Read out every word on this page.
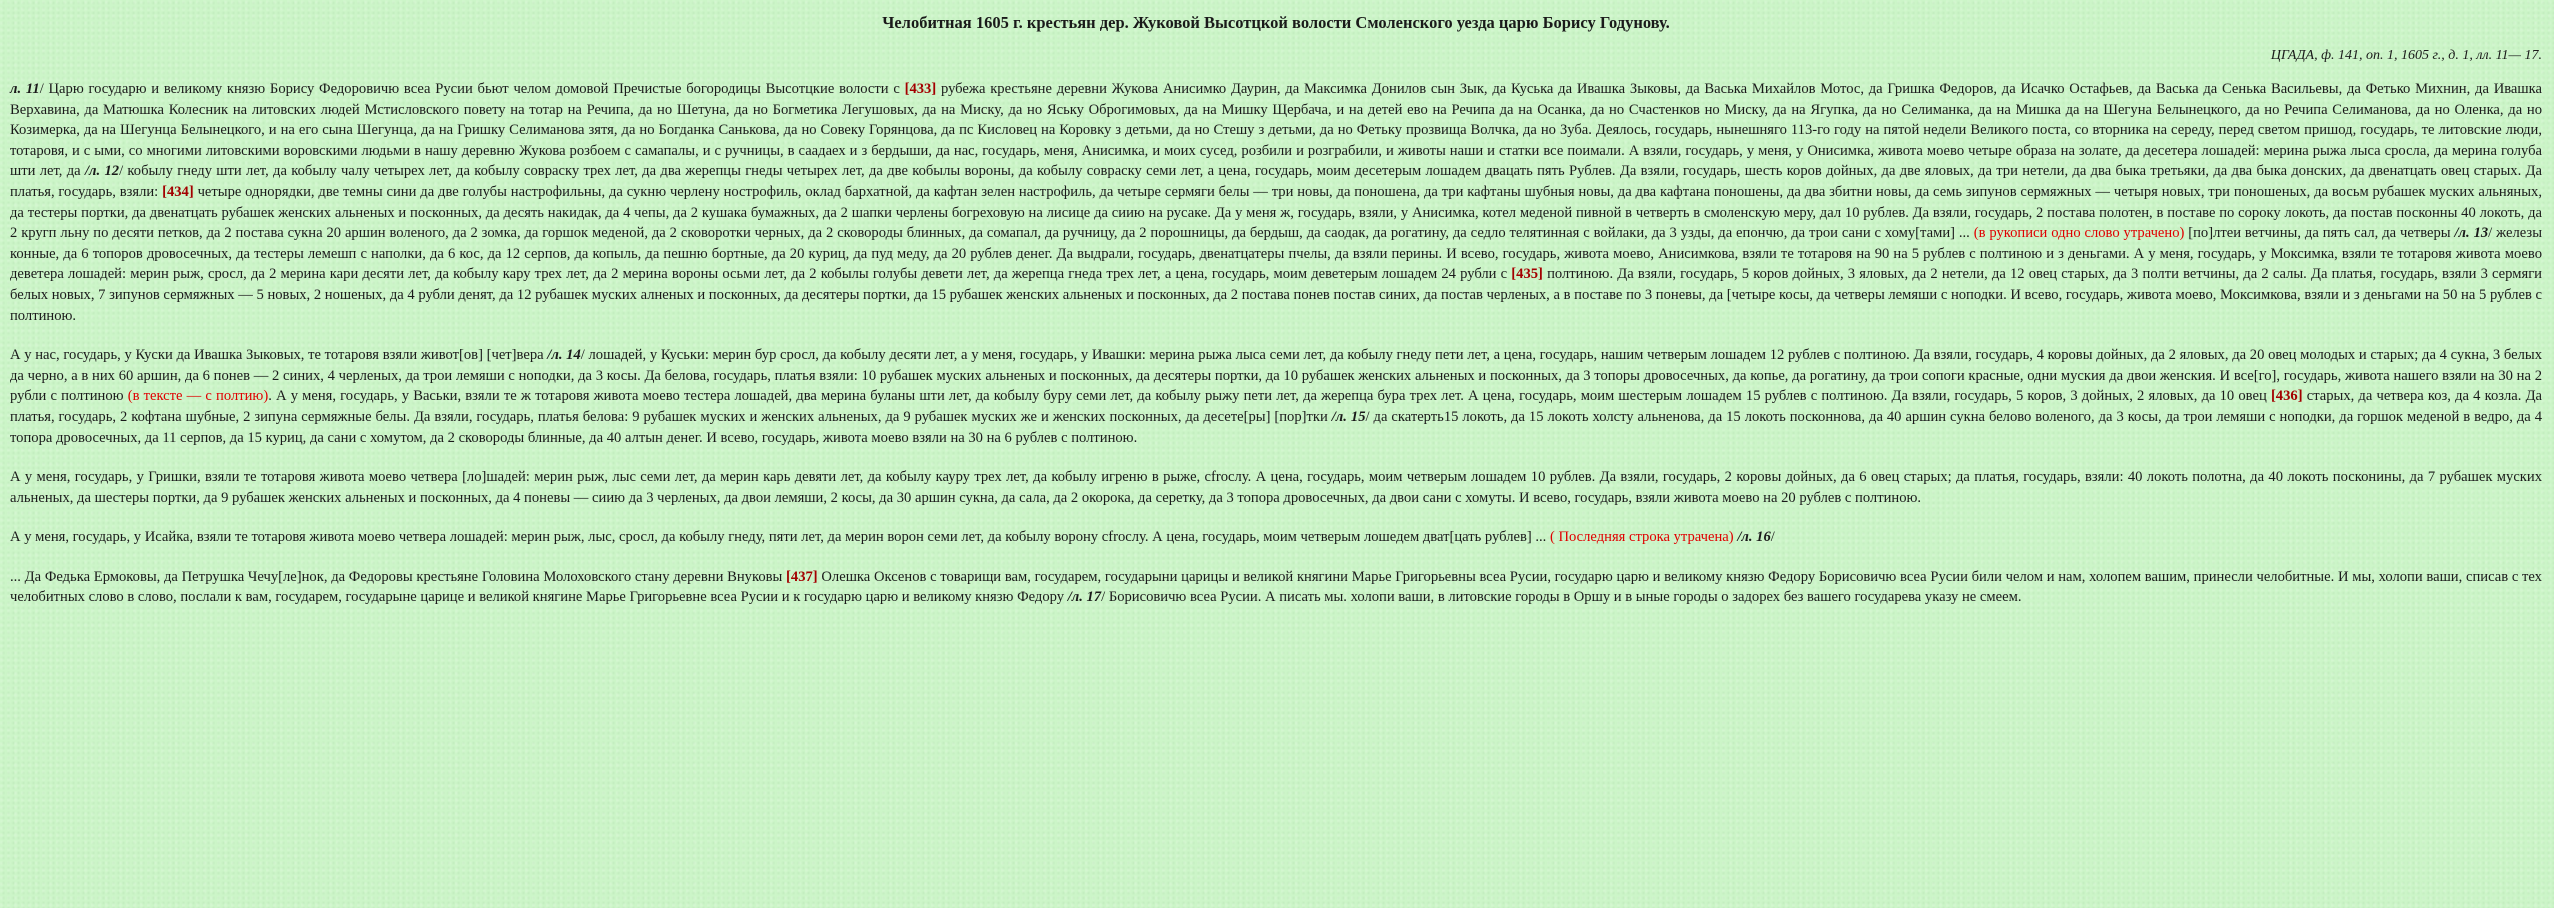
Челобитная 1605 г. крестьян дер. Жуковой Высотцкой волости Смоленского уезда царю Борису Годунову.
ЦГАДА, ф. 141, оп. 1, 1605 г., д. 1, лл. 11— 17.

л. 11/ Царю государю и великому князю Борису Федоровичю всеа Русии бьют челом домовой Пречистые богородицы Высотцкие волости с [433] рубежа крестьяне деревни Жукова Анисимко Даурин, да Максимка Донилов сын Зык, да Куська да Ивашка Зыковы, да Васька Михайлов Мотос, да Гришка Федоров, да Исачко Остафьев, да Васька да Сенька Васильевы, да Фетько Михнин, да Ивашка Верхавина, да Матюшка Колесник на литовских людей Мстисловского повету на тотар на Речипа, да но Шетуна, да но Богметика Легушовых, да на Миску, да но Яську Оброгимовых, да на Мишку Щербача, и на детей ево на Речипа да на Осанка, да но Счастенков но Миску, да на Ягупка, да но Селиманка, да на Мишка да на Шегуна Белынецкого, да но Речипа Селиманова, да но Оленка, да но Козимерка, да на Шегунца Белынецкого, и на его сына Шегунца, да на Гришку Селиманова зятя, да но Богданка Санькова, да но Совеку Горянцова, да пс Кисловец на Коровку з детьми, да но Стешу з детьми, да но Фетьку прозвища Волчка, да но Зуба. Деялось, государь, нынешняго 113-го году на пятой недели Великого поста, со вторника на середу, перед светом пришод, государь, те литовские люди, тотаровя, и с ыми, со многими литовскими воровскими людьми в нашу деревню Жукова розбоем с самапалы, и с ручницы, в саадаех и з бердыши, да нас, государь, меня, Анисимка, и моих сусед, розбили и розграбили, и животы наши и статки все поимали. А взяли, государь, у меня, у Онисимка, живота моево четыре образа на золате, да десетера лошадей: мерина рыжа лыса сросла, да мерина голуба шти лет, да /л. 12/ кобылу гнеду шти лет, да кобылу чалу четырех лет, да кобылу совраску трех лет, да два жерепцы гнеды четырех лет, да две кобылы вороны, да кобылу совраску семи лет, а цена, государь, моим десетерым лошадем двацать пять Рублев. Да взяли, государь, шесть коров дойных, да две яловых, да три нетели, да два быка третьяки, да два быка донских, да двенатцать овец старых. Да платья, государь, взяли: [434] четыре однорядки, две темны сини да две голубы настрофильны, да сукню черлену нострофиль, оклад бархатной, да кафтан зелен настрофиль, да четыре сермяги белы — три новы, да поношена, да три кафтаны шубныя новы, да два кафтана поношены, да два збитни новы, да семь зипунов сермяжных — четыря новых, три поношеных, да восьм рубашек муских альняных, да тестеры портки, да двенатцать рубашек женских альненых и посконных, да десять накидак, да 4 чепы, да 2 кушака бумажных, да 2 шапки черлены богреховую на лиcице да сиию на русаке. Да у меня ж, государь, взяли, у Анисимка, котел меденой пивной в четверть в смоленскую меру, дал 10 рублев. Да взяли, государь, 2 постава полотен, в поставе по сороку локоть, да постав посконны 40 локоть, да 2 кругп льну по десяти петков, да 2 постава сукна 20 аршин воленого, да 2 зомка, да горшок меденой, да 2 сковоротки черных, да 2 сковороды блинных, да сомапал, да ручницу, да 2 порошницы, да бердыш, да саодак, да рогатину, да седло телятинная с войлаки, да 3 узды, да епончю, да трои сани с хому[тами] ... (в рукописи одно слово утрачено) [по]лтеи ветчины, да пять сал, да четверы /л. 13/ железы конные, да 6 топоров дровосечных, да тестеры лемешп с наполки, да 6 кос, да 12 серпов, да копыль, да пешню бортные, да 20 куриц, да пуд меду, да 20 рублев денег. Да выдрали, государь, двенатцатеры пчелы, да взяли перины. И всево, государь, живота моево, Анисимкова, взяли те тотаровя на 90 на 5 рублев с полтиною и з деньгами. А у меня, государь, у Моксимка, взяли те тотаровя живота моево деветера лошадей: мерин рыж, сросл, да 2 мерина кари десяти лет, да кобылу кару трех лет, да 2 мерина вороны осьми лет, да 2 кобылы голубы девети лет, да жерепца гнеда трех лет, а цена, государь, моим деветерым лошадем 24 рубли с [435] полтиною. Да взяли, государь, 5 коров дойных, 3 яловых, да 2 нетели, да 12 овец старых, да 3 полти ветчины, да 2 салы. Да платья, государь, взяли 3 сермяги белых новых, 7 зипунов сермяжных — 5 новых, 2 ношеных, да 4 рубли денят, да 12 рубашек муских алненых и посконных, да десятеры портки, да 15 рубашек женских альненых и посконных, да 2 постава понев постав синих, да постав черленых, а в поставе по 3 поневы, да [четыре косы, да четверы лемяши с ноподки. И всево, государь, живота моево, Моксимкова, взяли и з деньгами на 50 на 5 рублев с полтиною.

А у нас, государь, у Куски да Ивашка Зыковых, те тотаровя взяли живот[ов] [чет]вера /л. 14/ лошадей, у Куськи: мерин бур сросл, да кобылу десяти лет, а у меня, государь, у Ивашки: мерина рыжа лыса семи лет, да кобылу гнеду пети лет, а цена, государь, нашим четверым лошадем 12 рублев с полтиною. Да взяли, государь, 4 коровы дойных, да 2 яловых, да 20 овец молодых и старых; да 4 сукна, 3 белых да черно, а в них 60 аршин, да 6 понев — 2 синих, 4 черленых, да трои лемяши с ноподки, да 3 косы. Да белова, государь, платья взяли: 10 рубашек муских альненых и посконных, да десятеры портки, да 10 рубашек женских альненых и посконных, да 3 топоры дровосечных, да копье, да рогатину, да трои сопоги красные, одни муския да двои женския. И все[го], государь, живота нашего взяли на 30 на 2 рубли с полтиною (в тексте — с полтию). А у меня, государь, у Васьки, взяли те ж тотаровя живота моево тестера лошадей, два мерина буланы шти лет, да кобылу буру семи лет, да кобылу рыжу пети лет, да жерепца бура трех лет. А цена, государь, моим шестерым лошадем 15 рублев с полтиною. Да взяли, государь, 5 коров, 3 дойных, 2 яловых, да 10 овец [436] старых, да четвера коз, да 4 козла. Да платья, государь, 2 кофтана шубные, 2 зипуна сермяжные белы. Да взяли, государь, платья белова: 9 рубашек муских и женских альненых, да 9 рубашек муских же и женских посконных, да десете[ры] [пор]тки /л. 15/ да скатерть15 локоть, да 15 локоть холсту альненова, да 15 локоть посконнова, да 40 аршин сукна белово воленого, да 3 косы, да трои лемяши с ноподки, да горшок меденой в ведро, да 4 топора дровосечных, да 11 серпов, да 15 куриц, да сани с хомутом, да 2 сковороды блинные, да 40 алтын денег. И всево, государь, живота моево взяли на 30 на 6 рублев с полтиною.

А у меня, государь, у Гришки, взяли те тотаровя живота моево четвера [ло]шадей: мерин рыж, лыс семи лет, да мерин карь девяти лет, да кобылу кауру трех лет, да кобылу игреню в рыже, сfroслу. А цена, государь, моим четверым лошадем 10 рублев. Да взяли, государь, 2 коровы дойных, да 6 овец старых; да платья, государь, взяли: 40 локоть полотна, да 40 локоть посконины, да 7 рубашек муских альненых, да шестеры портки, да 9 рубашек женских альненых и посконных, да 4 поневы — сиию да 3 черленых, да двои лемяши, 2 косы, да 30 аршин сукна, да сала, да 2 окорока, да серетку, да 3 топора дровосечных, да двои сани с хомуты. И всево, государь, взяли живота моево на 20 рублев с полтиною.

А у меня, государь, у Исайка, взяли те тотаровя живота моево четвера лошадей: мерин рыж, лыс, сросл, да кобылу гнеду, пяти лет, да мерин ворон семи лет, да кобылу ворону сfroслу. А цена, государь, моим четверым лошедем дват[цать рублев] ... ( Последняя строка утрачена) /л. 16/

... Да Федька Ермоковы, да Петрушка Чечу[ле]нок, да Федоровы крестьяне Головина Молоховского стану деревни Внуковы [437] Олешка Оксенов с товарищи вам, государем, государыни царицы и великой княгини Марье Григорьевны всеа Русии, государю царю и великому князю Федору Борисовичю всеа Русии били челом и нам, холопем вашим, принесли челобитные. И мы, холопи ваши, списав с тех челобитных слово в слово, послали к вам, государем, государыне царице и великой княгине Марье Григорьевне всеа Русии и к государю царю и великому князю Федору /л. 17/ Борисовичю всеа Русии. А писать мы. холопи ваши, в литовские городы в Оршу и в ыные городы о задорех без вашего государева указу не смеем.
